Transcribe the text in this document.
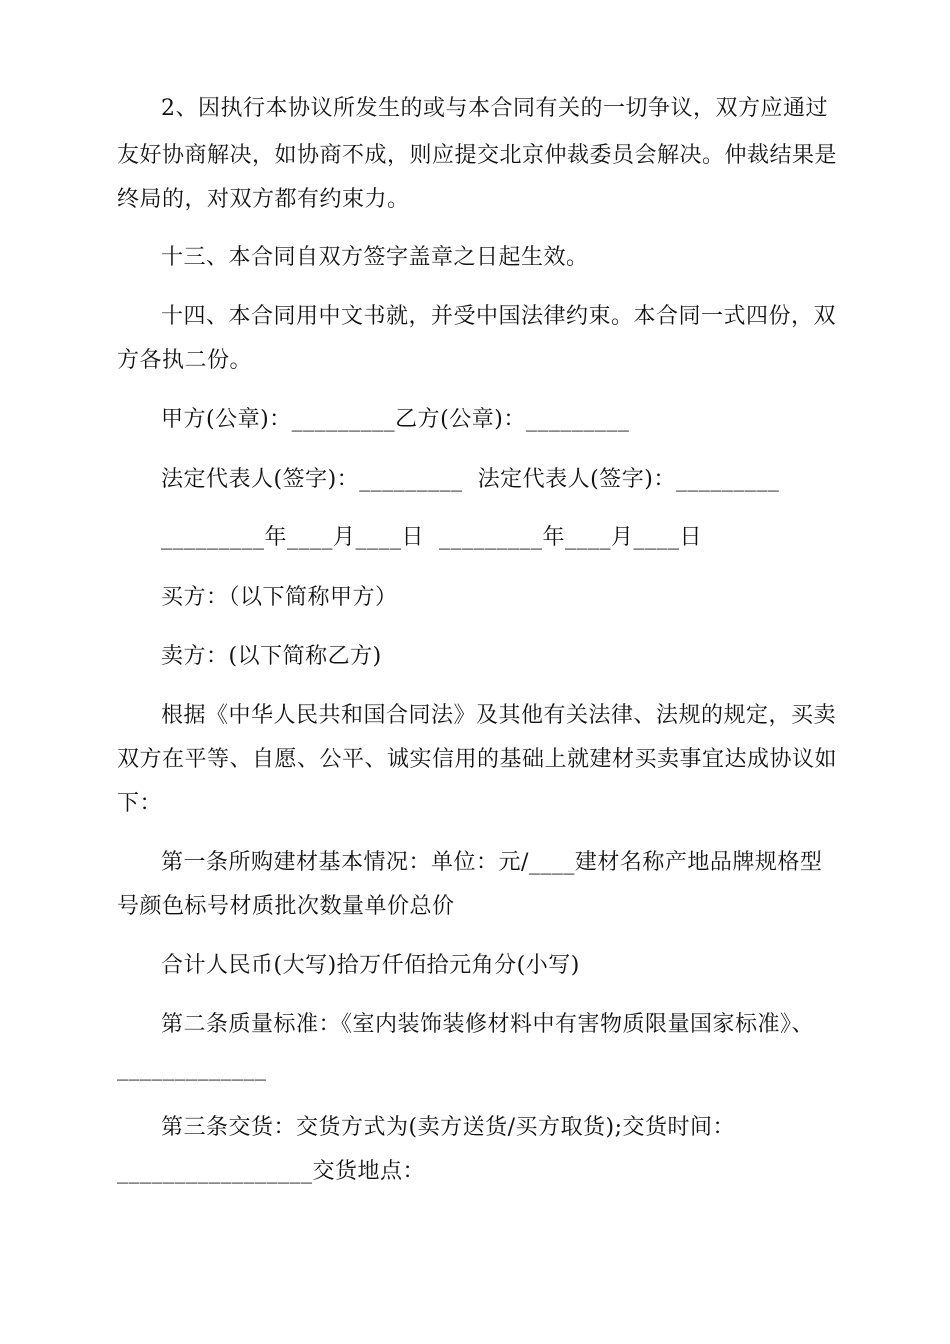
2、因执行本协议所发生的或与本合同有关的一切争议，双方应通过
友好协商解决，如协商不成，则应提交北京仲裁委员会解决。仲裁结果是
终局的，对双方都有约束力。
十三、本合同自双方签字盖章之日起生效。
十四、本合同用中文书就，并受中国法律约束。本合同一式四份，双
方各执二份。
甲方(公章)：_________乙方(公章)：_________
法定代表人(签字)：_________  法定代表人(签字)：_________
_________年____月____日  _________年____月____日
买方：（以下简称甲方）
卖方：(以下简称乙方)
根据《中华人民共和国合同法》及其他有关法律、法规的规定，买卖
双方在平等、自愿、公平、诚实信用的基础上就建材买卖事宜达成协议如
下：
第一条所购建材基本情况：单位：元/____建材名称产地品牌规格型
号颜色标号材质批次数量单价总价
合计人民币(大写)拾万仟佰拾元角分(小写)
第二条质量标准：《室内装饰装修材料中有害物质限量国家标准》、
_____________
第三条交货：交货方式为(卖方送货/买方取货);交货时间：
_________________交货地点：
